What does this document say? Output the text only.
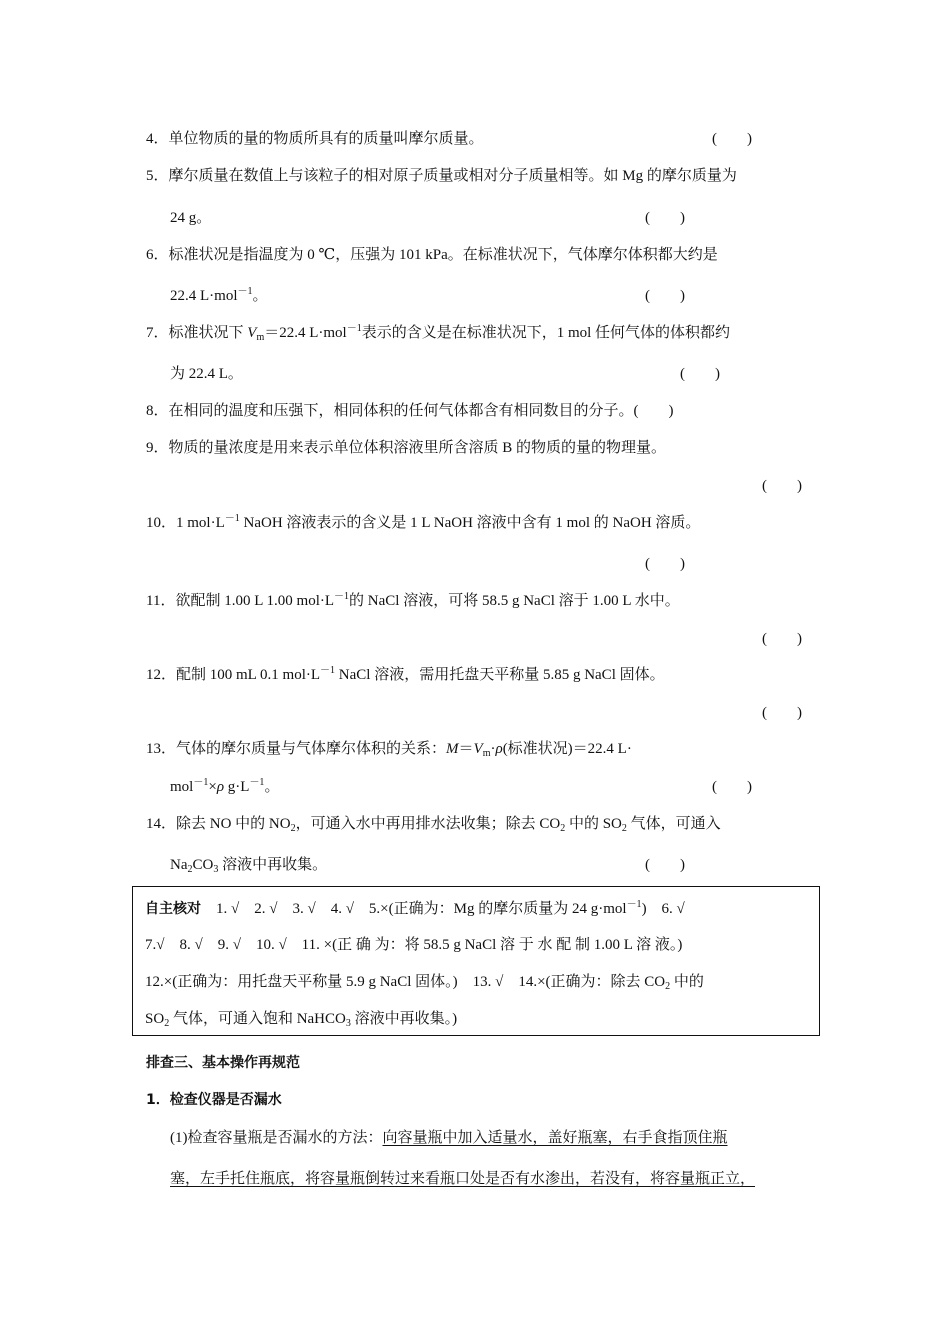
4．单位物质的量的物质所具有的质量叫摩尔质量。	(　　)
5．摩尔质量在数值上与该粒子的相对原子质量或相对分子质量相等。如 Mg 的摩尔质量为
24 g。	(　　)
6．标准状况是指温度为 0 ℃，压强为 101 kPa。在标准状况下，气体摩尔体积都大约是
22.4 L·mol$^{-1}$。	(　　)
7．标准状况下 $V_m=22.4$ L·mol$^{-1}$表示的含义是在标准状况下，1 mol 任何气体的体积都约
为 22.4 L。	(　　)
8．在相同的温度和压强下，相同体积的任何气体都含有相同数目的分子。(　　)
9．物质的量浓度是用来表示单位体积溶液里所含溶质 B 的物质的量的物理量。
(　　)
10．1 $mol\cdot L^{-1}$ NaOH 溶液表示的含义是 1 L NaOH 溶液中含有 1 mol 的 NaOH 溶质。
(　　)
11．欲配制 1.00 L 1.00 $mol\cdot L^{-1}$的 NaCl 溶液，可将 58.5 g NaCl 溶于 1.00 L 水中。
(　　)
12．配制 100 mL 0.1 $mol\cdot L^{-1}$ NaCl 溶液，需用托盘天平称量 5.85 g NaCl 固体。
(　　)
13．气体的摩尔质量与气体摩尔体积的关系：$M=V_m\cdot\rho$(标准状况)＝22.4 L·
mol$^{-1}$×ρ $g\cdot L^{-1}$。	(　　)
14．除去 NO 中的 $NO_2$，可通入水中再用排水法收集；除去 $CO_2$ 中的 $SO_2$ 气体，可通入
$Na_2CO_3$ 溶液中再收集。	(　　)
自主核对　1. √　2. √　3. √　4. √　5.×(正确为：Mg 的摩尔质量为 24 g·mol$^{-1}$)　6. √
7.√　8. √　9. √　10. √　11. ×(正 确 为：将 58.5 g NaCl 溶 于 水 配 制 1.00 L 溶 液。)
12.×(正确为：用托盘天平称量 5.9 g NaCl 固体。)　13. √　14.×(正确为：除去 $CO_2$ 中的
$SO_2$ 气体，可通入饱和 NaHCO$_3$ 溶液中再收集。)
排查三、基本操作再规范
1．检查仪器是否漏水
(1)检查容量瓶是否漏水的方法：向容量瓶中加入适量水，盖好瓶塞，右手食指顶住瓶
塞，左手托住瓶底，将容量瓶倒转过来看瓶口处是否有水渗出，若没有，将容量瓶正立，
